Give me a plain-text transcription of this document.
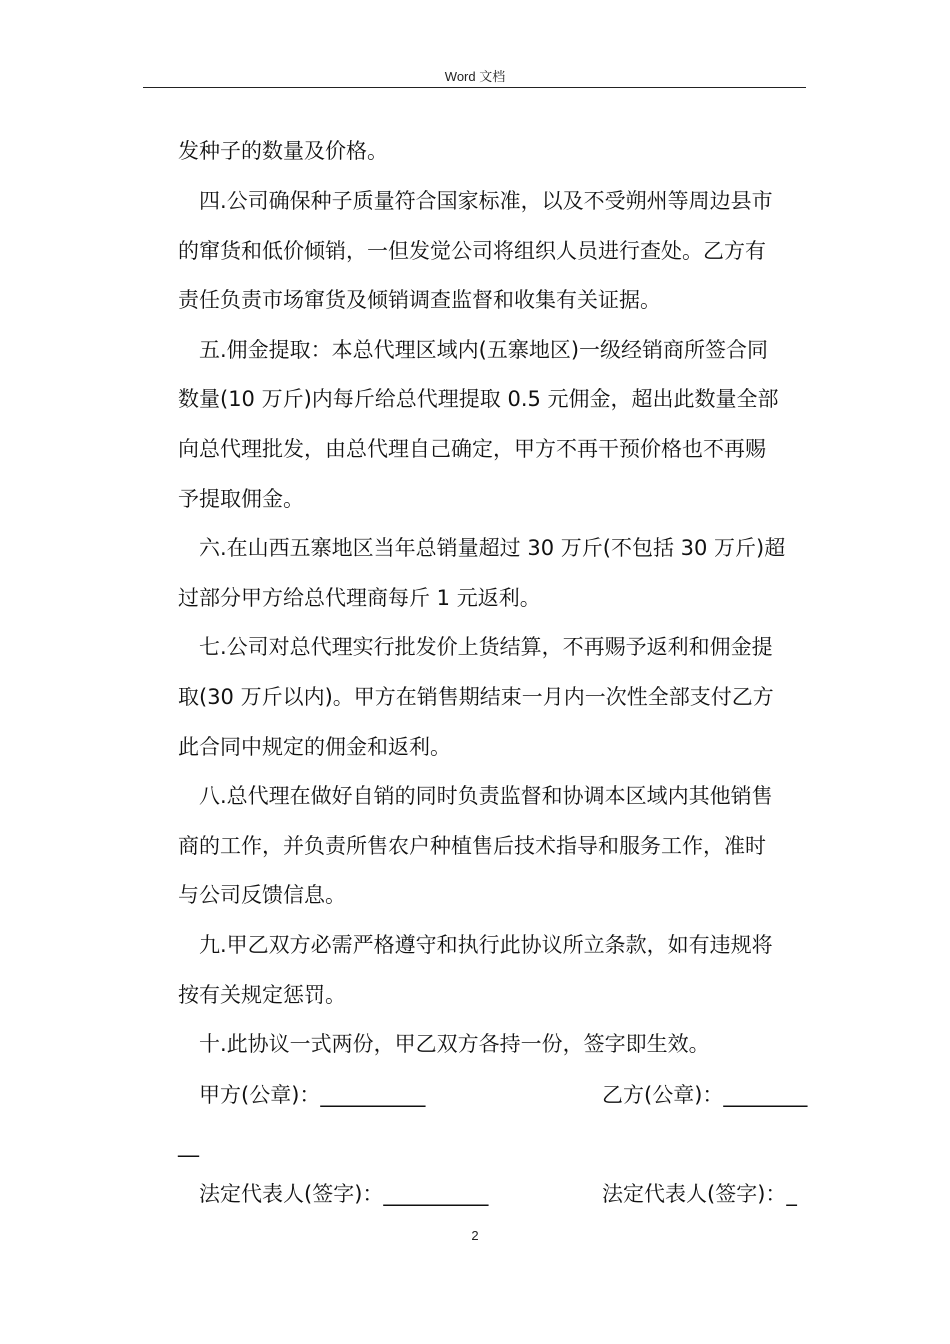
Word 文档
发种子的数量及价格。
四.公司确保种子质量符合国家标准，以及不受朔州等周边县市
的窜货和低价倾销，一但发觉公司将组织人员进行查处。乙方有
责任负责市场窜货及倾销调查监督和收集有关证据。
五.佣金提取：本总代理区域内(五寨地区)一级经销商所签合同
数量(10 万斤)内每斤给总代理提取 0.5 元佣金，超出此数量全部
向总代理批发，由总代理自己确定，甲方不再干预价格也不再赐
予提取佣金。
六.在山西五寨地区当年总销量超过 30 万斤(不包括 30 万斤)超
过部分甲方给总代理商每斤 1 元返利。
七.公司对总代理实行批发价上货结算，不再赐予返利和佣金提
取(30 万斤以内)。甲方在销售期结束一月内一次性全部支付乙方
此合同中规定的佣金和返利。
八.总代理在做好自销的同时负责监督和协调本区域内其他销售
商的工作，并负责所售农户种植售后技术指导和服务工作，准时
与公司反馈信息。
九.甲乙双方必需严格遵守和执行此协议所立条款，如有违规将
按有关规定惩罚。
十.此协议一式两份，甲乙双方各持一份，签字即生效。
甲方(公章)：__________	乙方(公章)：________
__
法定代表人(签字)：__________	法定代表人(签字)：_
2
